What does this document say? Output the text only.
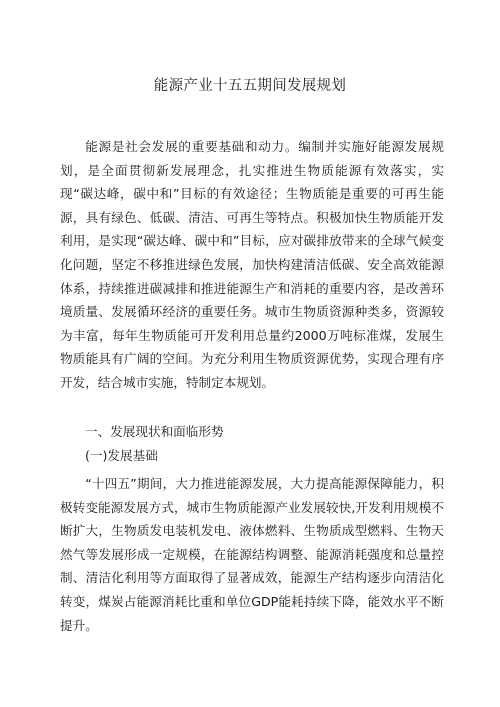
能源产业十五五期间发展规划
能源是社会发展的重要基础和动力。编制并实施好能源发展规划，是全面贯彻新发展理念，扎实推进生物质能源有效落实，实现“碳达峰，碳中和”目标的有效途径；生物质能是重要的可再生能源，具有绿色、低碳、清洁、可再生等特点。积极加快生物质能开发利用，是实现“碳达峰、碳中和”目标，应对碳排放带来的全球气候变化问题，坚定不移推进绿色发展，加快构建清洁低碳、安全高效能源体系，持续推进碳减排和推进能源生产和消耗的重要内容，是改善环境质量、发展循环经济的重要任务。城市生物质资源种类多，资源较为丰富，每年生物质能可开发利用总量约2000万吨标准煤，发展生物质能具有广阔的空间。为充分利用生物质资源优势，实现合理有序开发，结合城市实施，特制定本规划。
一、发展现状和面临形势
(一)发展基础
“十四五”期间，大力推进能源发展，大力提高能源保障能力，积极转变能源发展方式，城市生物质能源产业发展较快,开发利用规模不断扩大，生物质发电装机发电、液体燃料、生物质成型燃料、生物天然气等发展形成一定规模，在能源结构调整、能源消耗强度和总量控制、清洁化利用等方面取得了显著成效，能源生产结构逐步向清洁化转变，煤炭占能源消耗比重和单位GDP能耗持续下降，能效水平不断提升。
